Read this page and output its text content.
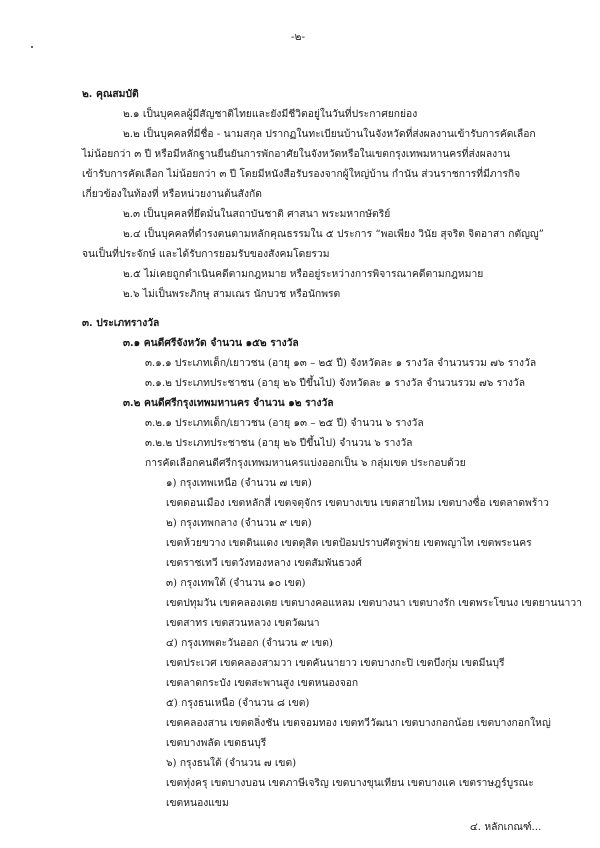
-๒-
๒. คุณสมบัติ
๒.๑ เป็นบุคคลผู้มีสัญชาติไทยและยังมีชีวิตอยู่ในวันที่ประกาศยกย่อง
๒.๒ เป็นบุคคลที่มีชื่อ - นามสกุล ปรากฏในทะเบียนบ้านในจังหวัดที่ส่งผลงานเข้ารับการคัดเลือก
ไม่น้อยกว่า ๓ ปี หรือมีหลักฐานยืนยันการพักอาศัยในจังหวัดหรือในเขตกรุงเทพมหานครที่ส่งผลงาน
เข้ารับการคัดเลือก ไม่น้อยกว่า ๓ ปี โดยมีหนังสือรับรองจากผู้ใหญ่บ้าน กำนัน ส่วนราชการที่มีภารกิจ
เกี่ยวข้องในท้องที่ หรือหน่วยงานต้นสังกัด
๒.๓ เป็นบุคคลที่ยึดมั่นในสถาบันชาติ ศาสนา พระมหากษัตริย์
๒.๔ เป็นบุคคลที่ดำรงตนตามหลักคุณธรรมใน ๕ ประการ “พอเพียง วินัย สุจริต จิตอาสา กตัญญู”
จนเป็นที่ประจักษ์ และได้รับการยอมรับของสังคมโดยรวม
๒.๕ ไม่เคยถูกดำเนินคดีตามกฎหมาย หรืออยู่ระหว่างการพิจารณาคดีตามกฎหมาย
๒.๖ ไม่เป็นพระภิกษุ สามเณร นักบวช หรือนักพรต
๓. ประเภทรางวัล
๓.๑ คนดีศรีจังหวัด จำนวน ๑๕๒ รางวัล
๓.๑.๑ ประเภทเด็ก/เยาวชน (อายุ ๑๓ – ๒๕ ปี) จังหวัดละ ๑ รางวัล จำนวนรวม ๗๖ รางวัล
๓.๑.๒ ประเภทประชาชน (อายุ ๒๖ ปีขึ้นไป) จังหวัดละ ๑ รางวัล จำนวนรวม ๗๖ รางวัล
๓.๒ คนดีศรีกรุงเทพมหานคร จำนวน ๑๒ รางวัล
๓.๒.๑ ประเภทเด็ก/เยาวชน (อายุ ๑๓ – ๒๕ ปี) จำนวน ๖ รางวัล
๓.๒.๒ ประเภทประชาชน (อายุ ๒๖ ปีขึ้นไป) จำนวน ๖ รางวัล
การคัดเลือกคนดีศรีกรุงเทพมหานครแบ่งออกเป็น ๖ กลุ่มเขต ประกอบด้วย
๑) กรุงเทพเหนือ (จำนวน ๗ เขต)
เขตดอนเมือง เขตหลักสี่ เขตจตุจักร เขตบางเขน เขตสายไหม เขตบางซื่อ เขตลาดพร้าว
๒) กรุงเทพกลาง (จำนวน ๙ เขต)
เขตห้วยขวาง เขตดินแดง เขตดุสิต เขตป้อมปราบศัตรูพ่าย เขตพญาไท เขตพระนคร
เขตราชเทวี เขตวังทองหลาง เขตสัมพันธวงศ์
๓) กรุงเทพใต้ (จำนวน ๑๐ เขต)
เขตปทุมวัน เขตคลองเตย เขตบางคอแหลม เขตบางนา เขตบางรัก เขตพระโขนง เขตยานนาวา
เขตสาทร เขตสวนหลวง เขตวัฒนา
๔) กรุงเทพตะวันออก (จำนวน ๙ เขต)
เขตประเวศ เขตคลองสามวา เขตคันนายาว เขตบางกะปิ เขตบึงกุ่ม เขตมีนบุรี
เขตลาดกระบัง เขตสะพานสูง เขตหนองจอก
๕) กรุงธนเหนือ (จำนวน ๘ เขต)
เขตคลองสาน เขตตลิ่งชัน เขตจอมทอง เขตทวีวัฒนา เขตบางกอกน้อย เขตบางกอกใหญ่
เขตบางพลัด เขตธนบุรี
๖) กรุงธนใต้ (จำนวน ๗ เขต)
เขตทุ่งครุ เขตบางบอน เขตภาษีเจริญ เขตบางขุนเทียน เขตบางแค เขตราษฎร์บูรณะ
เขตหนองแขม
๔. หลักเกณฑ์...
